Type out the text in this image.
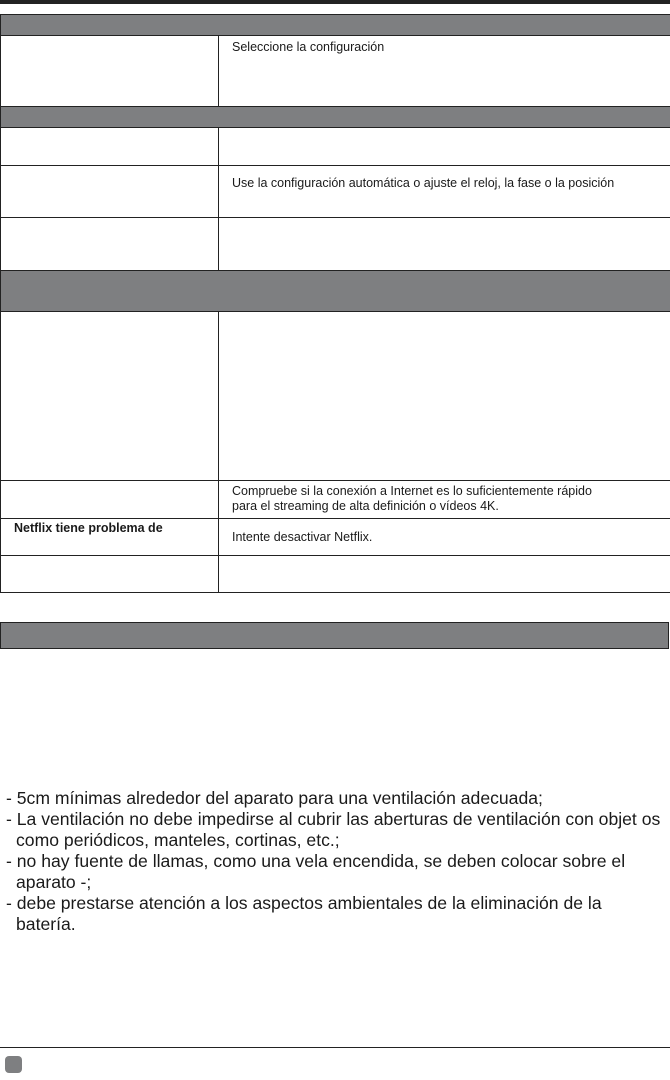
Seleccione la configuración
Use la configuración automática o ajuste el reloj, la fase o la posición
Compruebe si la conexión a Internet es lo suficientemente rápido
para el streaming de alta definición o vídeos 4K.
Netflix tiene problema de
Intente desactivar Netflix.

- 5cm mínimas alrededor del aparato para una ventilación adecuada;

- La ventilación no debe impedirse al cubrir las aberturas de ventilación con objet os como periódicos, manteles, cortinas, etc.;

- no hay fuente de llamas, como una vela encendida, se deben colocar sobre el aparato -;

- debe prestarse atención a los aspectos ambientales de la eliminación de la batería.
